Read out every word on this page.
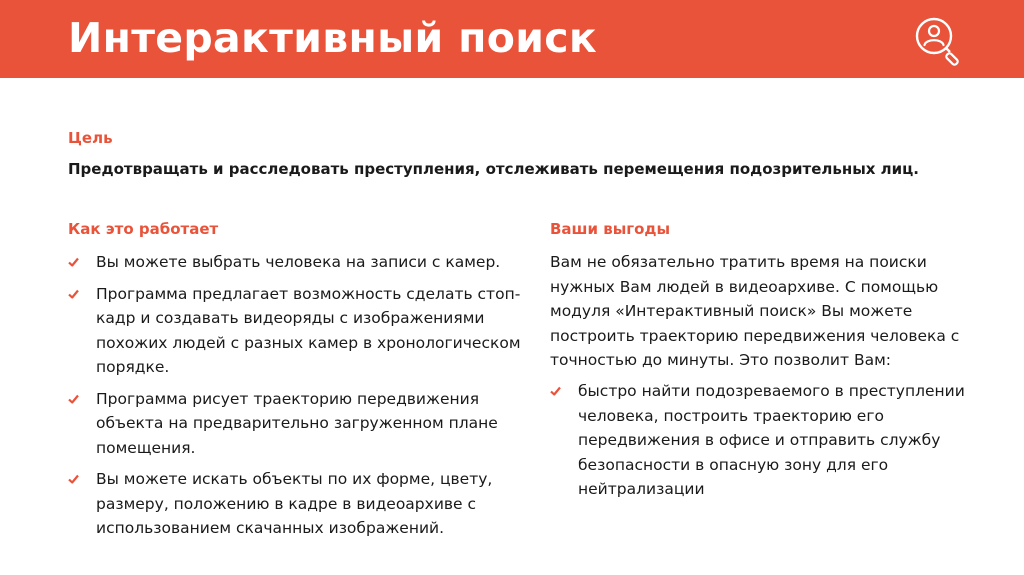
Интерактивный поиск
Цель
Предотвращать и расследовать преступления, отслеживать перемещения подозрительных лиц.
Как это работает
Вы можете выбрать человека на записи с камер.
Программа предлагает возможность сделать стоп-кадр и создавать видеоряды с изображениями похожих людей с разных камер в хронологическом порядке.
Программа рисует траекторию передвижения объекта на предварительно загруженном плане помещения.
Вы можете искать объекты по их форме, цвету, размеру, положению в кадре в видеоархиве с использованием скачанных изображений.
Ваши выгоды
Вам не обязательно тратить время на поиски нужных Вам людей в видеоархиве. С помощью модуля «Интерактивный поиск» Вы можете построить траекторию передвижения человека с точностью до минуты. Это позволит Вам:
быстро найти подозреваемого в преступлении человека, построить траекторию его передвижения в офисе и отправить службу безопасности в опасную зону для его нейтрализации
